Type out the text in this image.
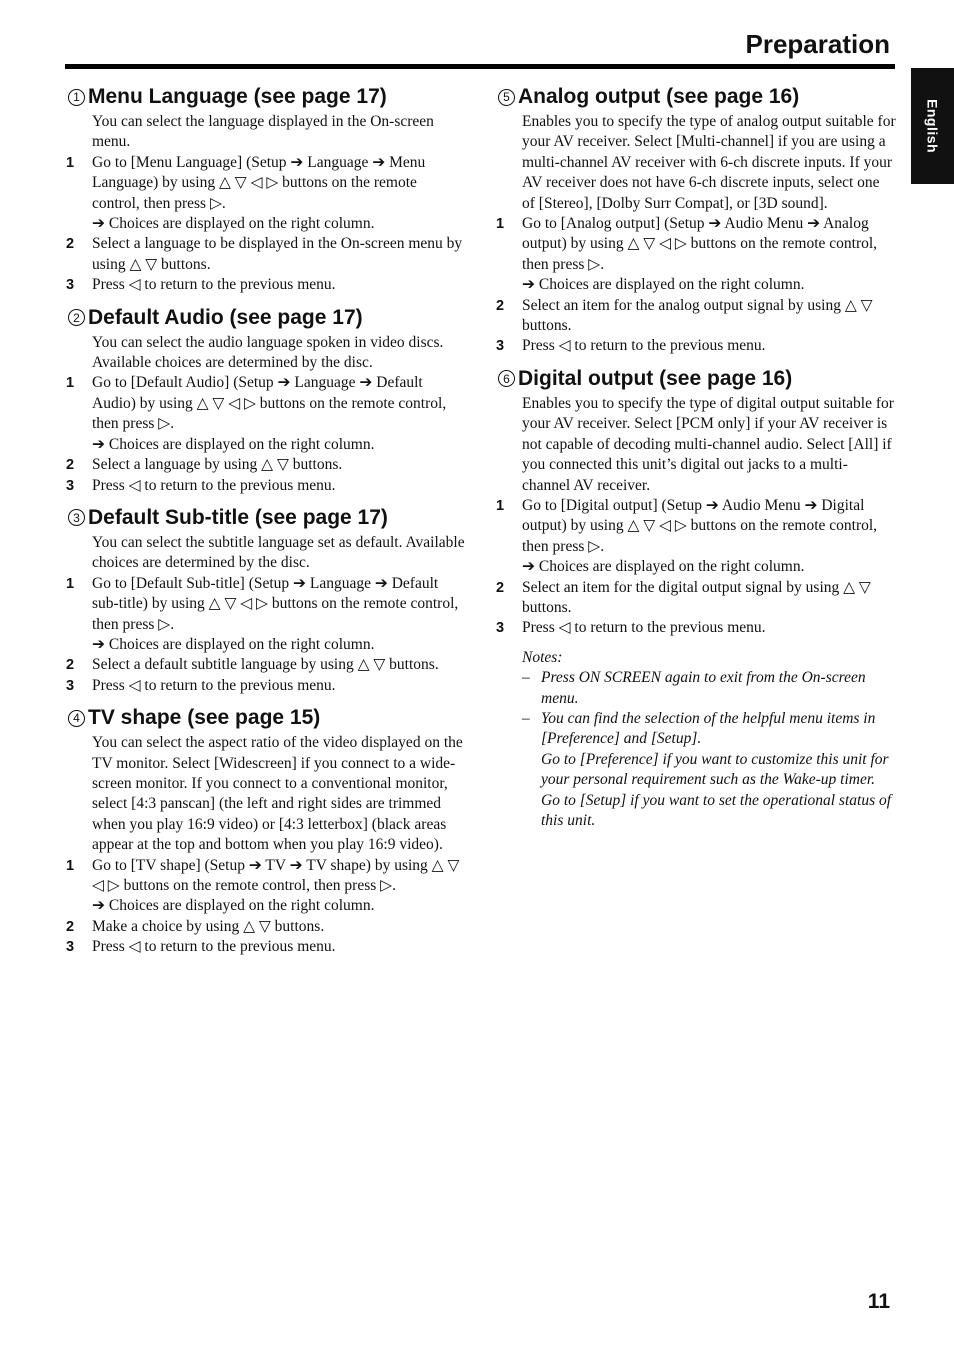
Preparation
English
1 Menu Language (see page 17)

You can select the language displayed in the On-screen menu.

1	Go to [Menu Language] (Setup ➔ Language ➔ Menu Language) by using △ ▽ ◁ ▷ buttons on the remote control, then press ▷.
➔ Choices are displayed on the right column.
2	Select a language to be displayed in the On-screen menu by using △ ▽ buttons.
3	Press ◁ to return to the previous menu.
2 Default Audio (see page 17)

You can select the audio language spoken in video discs. Available choices are determined by the disc.

1	Go to [Default Audio] (Setup ➔ Language ➔ Default Audio) by using △ ▽ ◁ ▷ buttons on the remote control, then press ▷.
➔ Choices are displayed on the right column.
2	Select a language by using △ ▽ buttons.
3	Press ◁ to return to the previous menu.
3 Default Sub-title (see page 17)

You can select the subtitle language set as default. Available choices are determined by the disc.

1	Go to [Default Sub-title] (Setup ➔ Language ➔ Default sub-title) by using △ ▽ ◁ ▷ buttons on the remote control, then press ▷.
➔ Choices are displayed on the right column.
2	Select a default subtitle language by using △ ▽ buttons.
3	Press ◁ to return to the previous menu.
4 TV shape (see page 15)

You can select the aspect ratio of the video displayed on the TV monitor. Select [Widescreen] if you connect to a wide-screen monitor. If you connect to a conventional monitor, select [4:3 panscan] (the left and right sides are trimmed when you play 16:9 video) or [4:3 letterbox] (black areas appear at the top and bottom when you play 16:9 video).

1	Go to [TV shape] (Setup ➔ TV ➔ TV shape) by using △ ▽ ◁ ▷ buttons on the remote control, then press ▷.
➔ Choices are displayed on the right column.
2	Make a choice by using △ ▽ buttons.
3	Press ◁ to return to the previous menu.
5 Analog output (see page 16)

Enables you to specify the type of analog output suitable for your AV receiver. Select [Multi-channel] if you are using a multi-channel AV receiver with 6-ch discrete inputs. If your AV receiver does not have 6-ch discrete inputs, select one of [Stereo], [Dolby Surr Compat], or [3D sound].

1	Go to [Analog output] (Setup ➔ Audio Menu ➔ Analog output) by using △ ▽ ◁ ▷ buttons on the remote control, then press ▷.
➔ Choices are displayed on the right column.
2	Select an item for the analog output signal by using △ ▽ buttons.
3	Press ◁ to return to the previous menu.
6 Digital output (see page 16)

Enables you to specify the type of digital output suitable for your AV receiver. Select [PCM only] if your AV receiver is not capable of decoding multi-channel audio. Select [All] if you connected this unit’s digital out jacks to a multi-channel AV receiver.

1	Go to [Digital output] (Setup ➔ Audio Menu ➔ Digital output) by using △ ▽ ◁ ▷ buttons on the remote control, then press ▷.
➔ Choices are displayed on the right column.
2	Select an item for the digital output signal by using △ ▽ buttons.
3	Press ◁ to return to the previous menu.
Notes:
– Press ON SCREEN again to exit from the On-screen menu.
– You can find the selection of the helpful menu items in [Preference] and [Setup].
Go to [Preference] if you want to customize this unit for your personal requirement such as the Wake-up timer.
Go to [Setup] if you want to set the operational status of this unit.
11
